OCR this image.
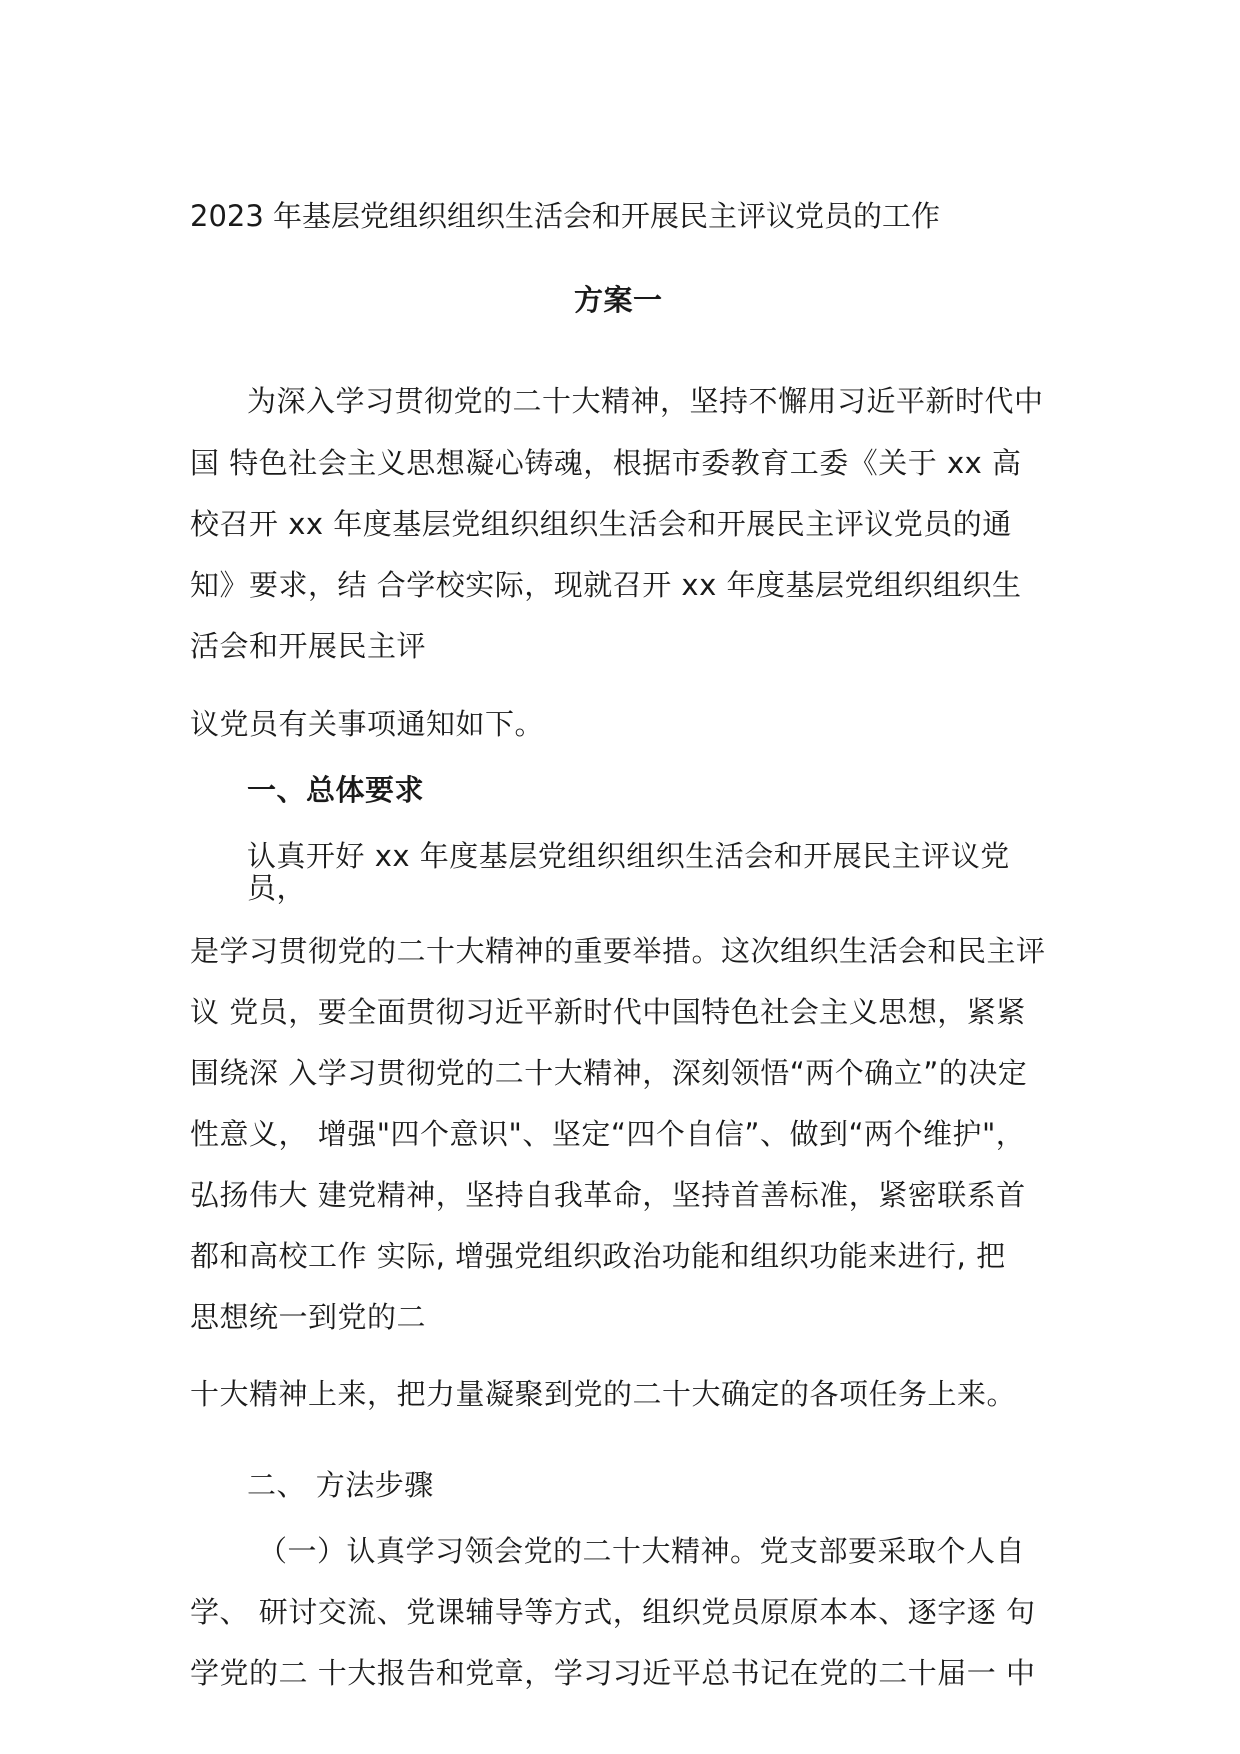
2023 年基层党组织组织生活会和开展民主评议党员的工作
方案一
为深入学习贯彻党的二十大精神，坚持不懈用习近平新时代中
国 特色社会主义思想凝心铸魂，根据市委教育工委《关于 xx 高
校召开 xx 年度基层党组织组织生活会和开展民主评议党员的通
知》要求，结 合学校实际，现就召开 xx 年度基层党组织组织生
活会和开展民主评
议党员有关事项通知如下。
一、总体要求
认真开好 xx 年度基层党组织组织生活会和开展民主评议党
员，
是学习贯彻党的二十大精神的重要举措。这次组织生活会和民主评
议 党员，要全面贯彻习近平新时代中国特色社会主义思想，紧紧
围绕深 入学习贯彻党的二十大精神，深刻领悟“两个确立”的决定
性意义， 增强"四个意识"、坚定“四个自信”、做到“两个维护"，
弘扬伟大 建党精神，坚持自我革命，坚持首善标准，紧密联系首
都和高校工作 实际, 增强党组织政治功能和组织功能来进行, 把
思想统一到党的二
十大精神上来，把力量凝聚到党的二十大确定的各项任务上来。
二、 方法步骤
（一）认真学习领会党的二十大精神。党支部要采取个人自
学、 研讨交流、党课辅导等方式，组织党员原原本本、逐字逐 句
学党的二 十大报告和党章，学习习近平总书记在党的二十届一 中
